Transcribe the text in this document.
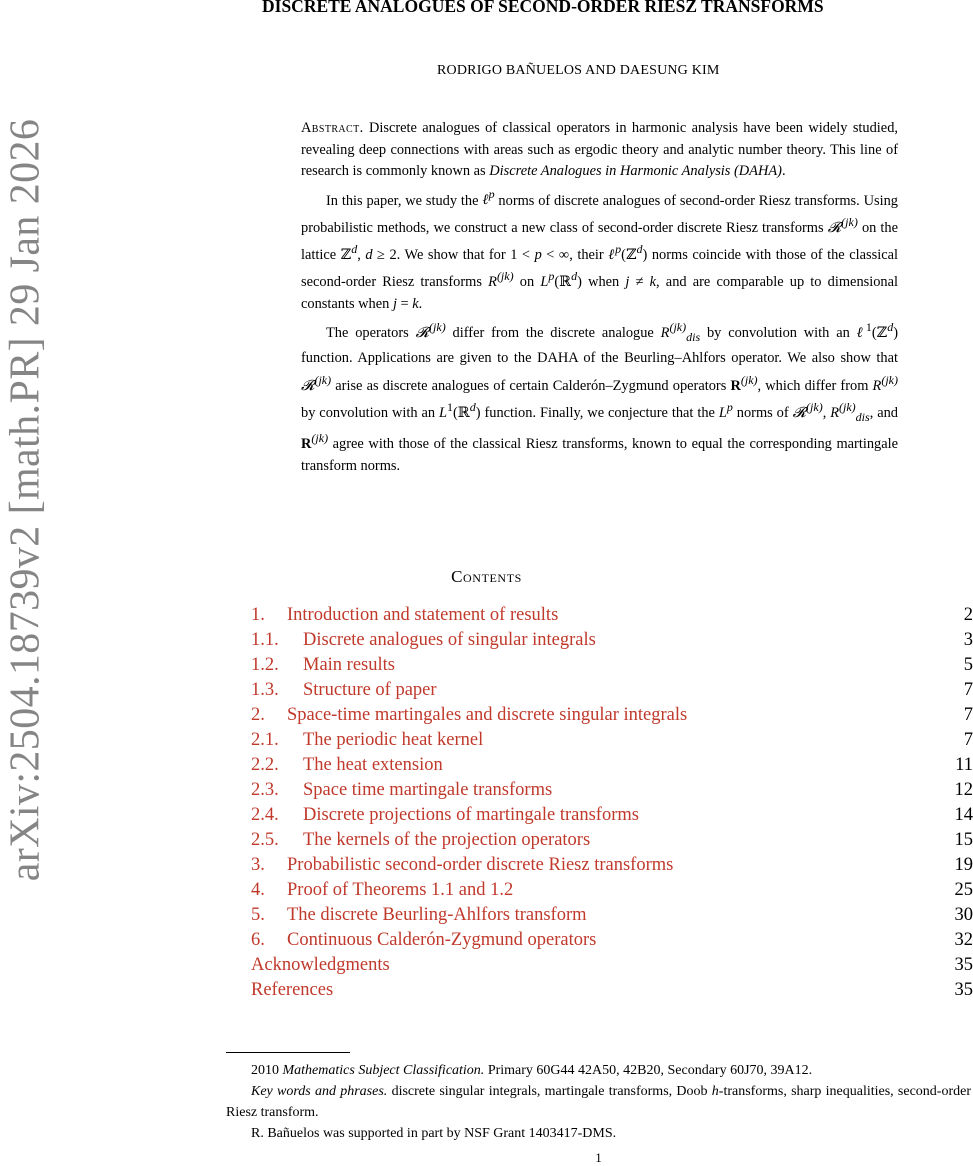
arXiv:2504.18739v2 [math.PR] 29 Jan 2026
DISCRETE ANALOGUES OF SECOND-ORDER RIESZ TRANSFORMS
RODRIGO BAÑUELOS AND DAESUNG KIM

Abstract. Discrete analogues of classical operators in harmonic analysis have been widely studied, revealing deep connections with areas such as ergodic theory and analytic number theory. This line of research is commonly known as Discrete Analogues in Harmonic Analysis (DAHA).

In this paper, we study the ℓ$^p$ norms of discrete analogues of second-order Riesz transforms. Using probabilistic methods, we construct a new class of second-order discrete Riesz transforms 𝓡$^{(jk)}$ on the lattice ℤ$^d$, d ≥ 2. We show that for 1 < p < ∞, their ℓ$^p$(ℤ$^d$) norms coincide with those of the classical second-order Riesz transforms $R^{(jk)}$ on $L^p(ℝ^d)$ when j ≠ k, and are comparable up to dimensional constants when j = k.

The operators 𝓡$^{(jk)}$ differ from the discrete analogue $R^{(jk)}_{dis}$ by convolution with an ℓ$^1$(ℤ$^d$) function. Applications are given to the DAHA of the Beurling–Ahlfors operator. We also show that 𝓡$^{(jk)}$ arise as discrete analogues of certain Calderón–Zygmund operators $R^{(jk)}$, which differ from $R^{(jk)}$ by convolution with an $L^1(ℝ^d)$ function. Finally, we conjecture that the $L^p$ norms of 𝓡$^{(jk)}$, $R^{(jk)}_{dis}$, and $R^{(jk)}$ agree with those of the classical Riesz transforms, known to equal the corresponding martingale transform norms.

Contents
1. Introduction and statement of results	2
1.1. Discrete analogues of singular integrals	3
1.2. Main results	5
1.3. Structure of paper	7
2. Space-time martingales and discrete singular integrals	7
2.1. The periodic heat kernel	7
2.2. The heat extension	11
2.3. Space time martingale transforms	12
2.4. Discrete projections of martingale transforms	14
2.5. The kernels of the projection operators	15
3. Probabilistic second-order discrete Riesz transforms	19
4. Proof of Theorems 1.1 and 1.2	25
5. The discrete Beurling-Ahlfors transform	30
6. Continuous Calderón-Zygmund operators	32
Acknowledgments	35
References	35

2010 Mathematics Subject Classification. Primary 60G44 42A50, 42B20, Secondary 60J70, 39A12.

Key words and phrases. discrete singular integrals, martingale transforms, Doob h-transforms, sharp inequalities, second-order Riesz transform.

R. Bañuelos was supported in part by NSF Grant 1403417-DMS.

1
